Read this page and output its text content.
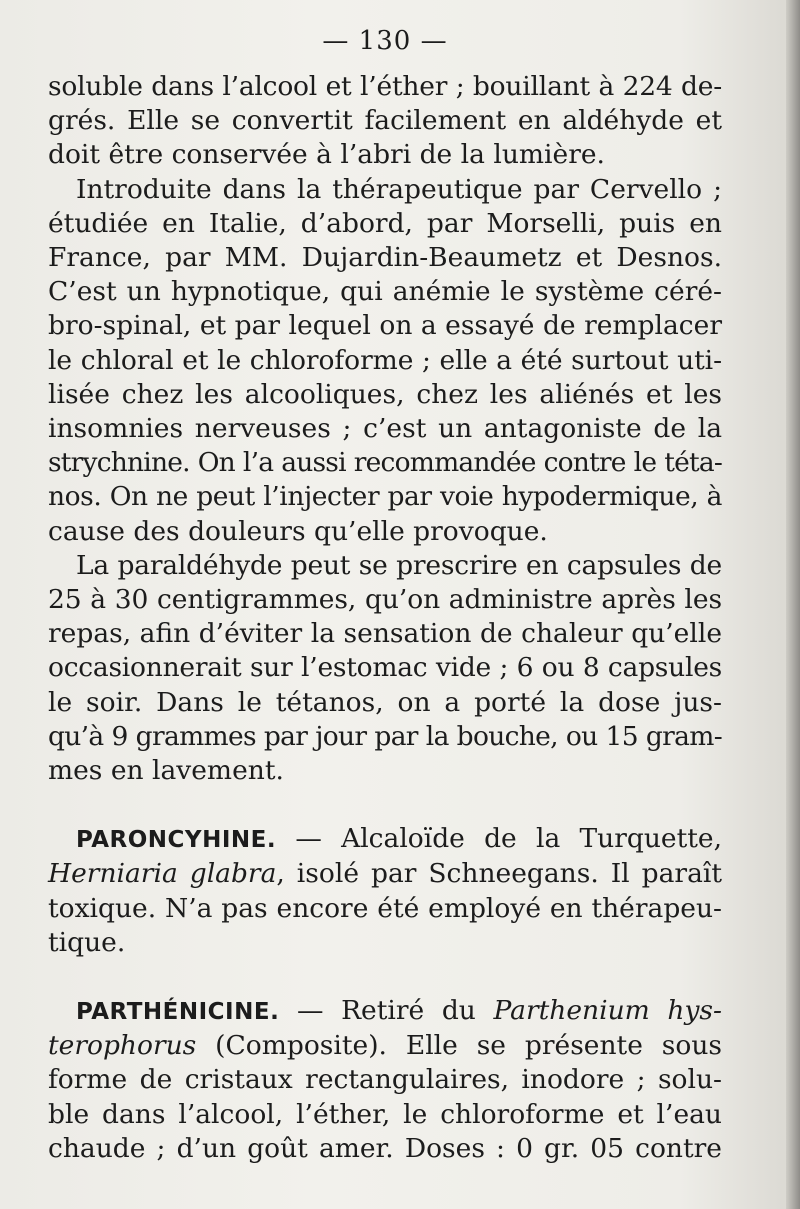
— 130 —
soluble dans l’alcool et l’éther ; bouillant à 224 de-
grés. Elle se convertit facilement en aldéhyde et
doit être conservée à l’abri de la lumière.
Introduite dans la thérapeutique par Cervello ;
étudiée en Italie, d’abord, par Morselli, puis en
France, par MM. Dujardin-Beaumetz et Desnos.
C’est un hypnotique, qui anémie le système céré-
bro-spinal, et par lequel on a essayé de remplacer
le chloral et le chloroforme ; elle a été surtout uti-
lisée chez les alcooliques, chez les aliénés et les
insomnies nerveuses ; c’est un antagoniste de la
strychnine. On l’a aussi recommandée contre le téta-
nos. On ne peut l’injecter par voie hypodermique, à
cause des douleurs qu’elle provoque.
La paraldéhyde peut se prescrire en capsules de
25 à 30 centigrammes, qu’on administre après les
repas, afin d’éviter la sensation de chaleur qu’elle
occasionnerait sur l’estomac vide ; 6 ou 8 capsules
le soir. Dans le tétanos, on a porté la dose jus-
qu’à 9 grammes par jour par la bouche, ou 15 gram-
mes en lavement.
PARONCYHINE. — Alcaloïde de la Turquette,
Herniaria glabra, isolé par Schneegans. Il paraît
toxique. N’a pas encore été employé en thérapeu-
tique.
PARTHÉNICINE. — Retiré du Parthenium hys-
terophorus (Composite). Elle se présente sous
forme de cristaux rectangulaires, inodore ; solu-
ble dans l’alcool, l’éther, le chloroforme et l’eau
chaude ; d’un goût amer. Doses : 0 gr. 05 contre
